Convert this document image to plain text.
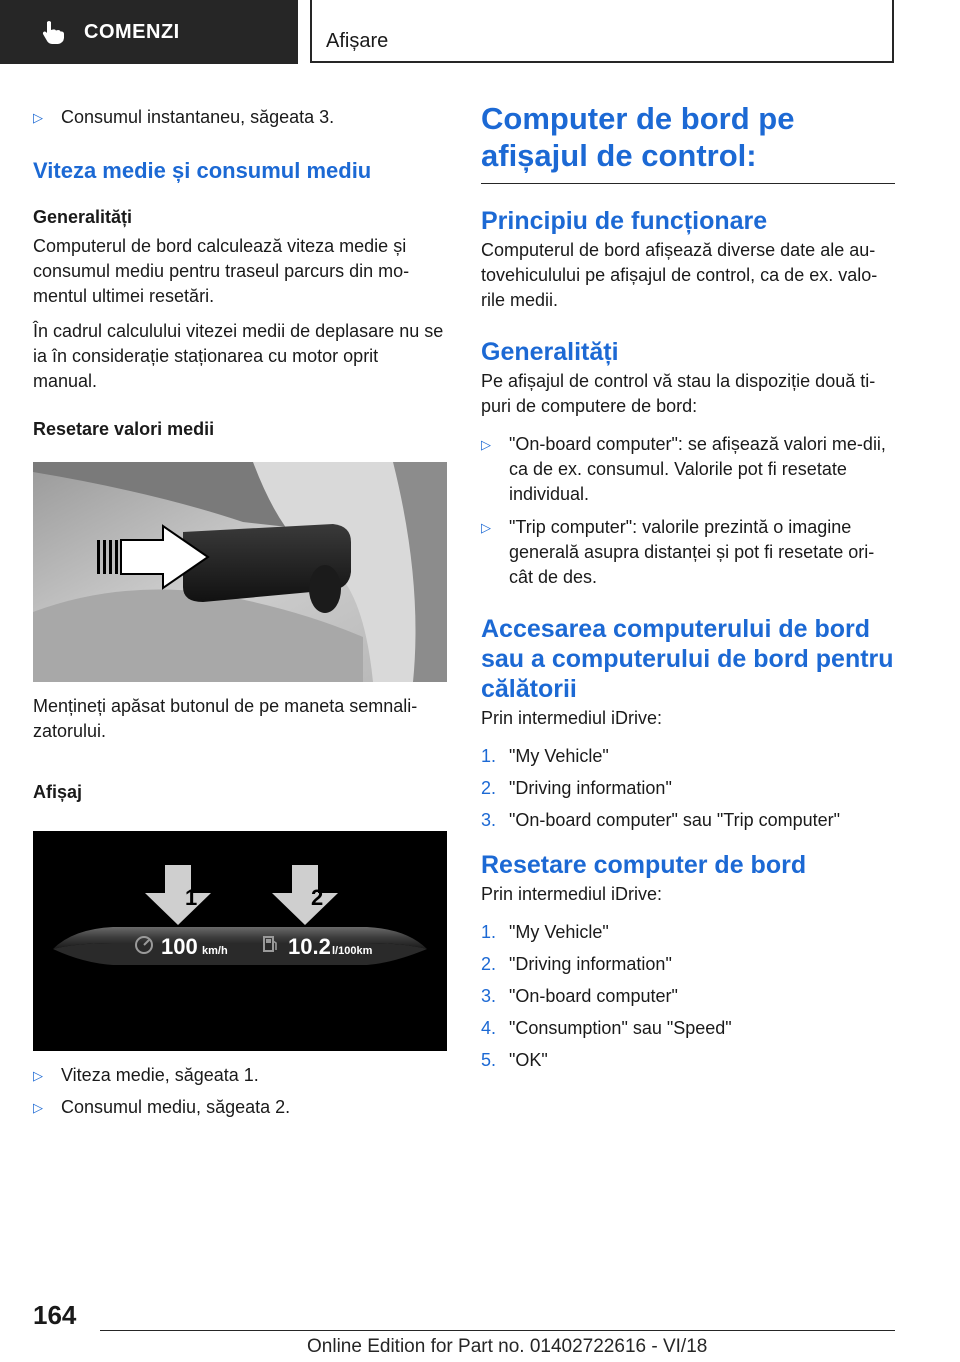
COMENZI	Afișare
▷	Consumul instantaneu, săgeata 3.
Viteza medie și consumul mediu
Generalități

Computerul de bord calculează viteza medie și consumul mediu pentru traseul parcurs din mo-mentul ultimei resetări.

În cadrul calculului vitezei medii de deplasare nu se ia în considerație staționarea cu motor oprit manual.

Resetare valori medii

Mențineți apăsat butonul de pe maneta semnali-zatorului.

Afișaj
1	2
100 km/h	10.2 l/100km
▷	Viteza medie, săgeata 1.
▷	Consumul mediu, săgeata 2.
Computer de bord pe afișajul de control:
Principiu de funcționare

Computerul de bord afișează diverse date ale au-tovehiculului pe afișajul de control, ca de ex. valo-rile medii.

Generalități

Pe afișajul de control vă stau la dispoziție două ti-puri de computere de bord:

▷	"On-board computer": se afișează valori me-dii, ca de ex. consumul. Valorile pot fi resetate individual.
▷	"Trip computer": valorile prezintă o imagine generală asupra distanței și pot fi resetate ori-cât de des.
Accesarea computerului de bord sau a computerului de bord pentru călătorii

Prin intermediul iDrive:

1. "My Vehicle"
2. "Driving information"
3. "On-board computer" sau "Trip computer"
Resetare computer de bord

Prin intermediul iDrive:

1. "My Vehicle"
2. "Driving information"
3. "On-board computer"
4. "Consumption" sau "Speed"
5. "OK"
164
Online Edition for Part no. 01402722616 - VI/18
